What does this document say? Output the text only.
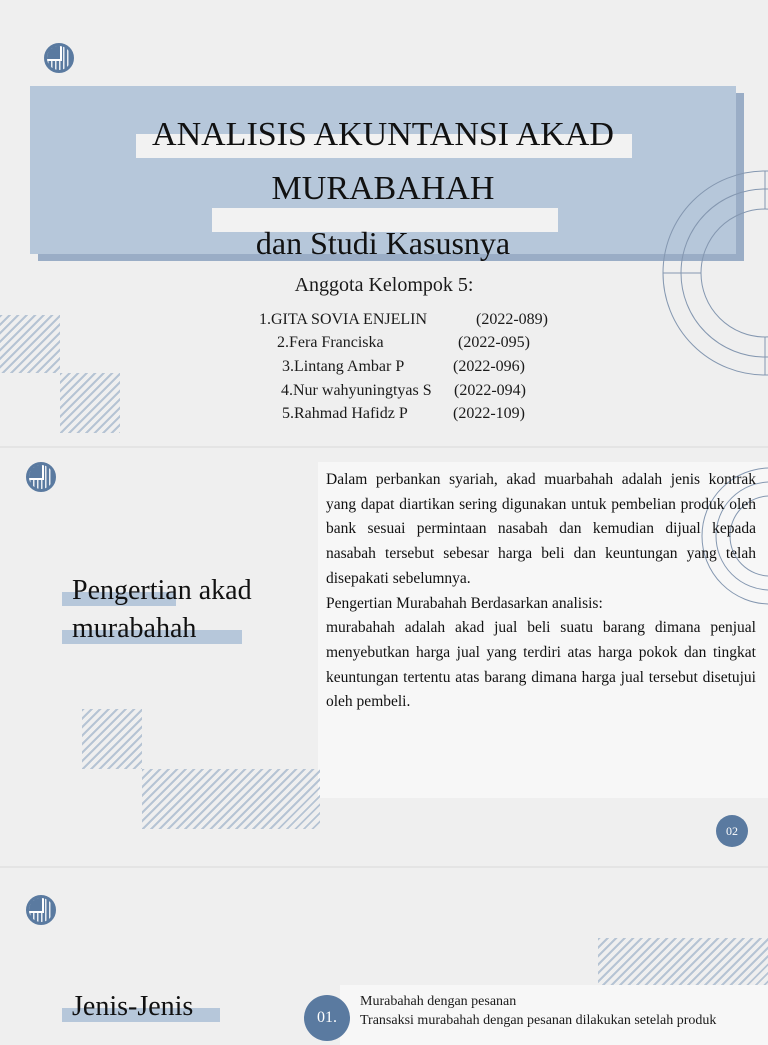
ANALISIS AKUNTANSI AKAD
MURABAHAH
dan Studi Kasusnya
Anggota Kelompok 5:
1.GITA SOVIA ENJELIN	(2022-089)
2.Fera Franciska	(2022-095)
3.Lintang Ambar P	(2022-096)
4.Nur wahyuningtyas S (2022-094)
5.Rahmad Hafidz P	(2022-109)

Dalam perbankan syariah, akad muarbahah adalah jenis kontrak yang dapat diartikan sering digunakan untuk pembelian produk oleh bank sesuai permintaan nasabah dan kemudian dijual kepada nasabah tersebut sebesar harga beli dan keuntungan yang telah disepakati sebelumnya.

Pengertian Murabahah Berdasarkan analisis:

murabahah adalah akad jual beli suatu barang dimana penjual menyebutkan harga jual yang terdiri atas harga pokok dan tingkat keuntungan tertentu atas barang dimana harga jual tersebut disetujui oleh pembeli.

Pengertian akad
murabahah
02
Jenis-Jenis	01.
Murabahah dengan pesanan
Transaksi murabahah dengan pesanan dilakukan setelah produk
